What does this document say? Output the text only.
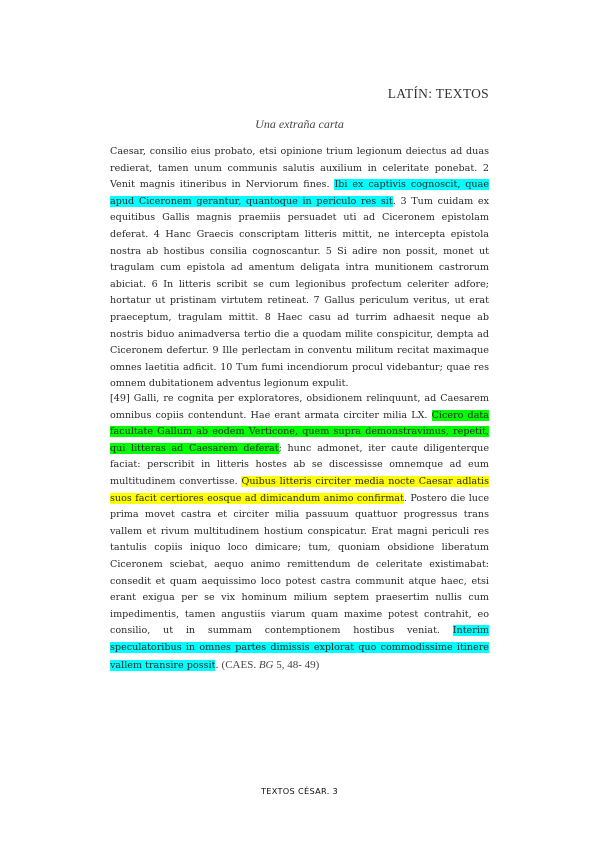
LATÍN: TEXTOS
Una extraña carta
Caesar, consilio eius probato, etsi opinione trium legionum deiectus ad duas redierat, tamen unum communis salutis auxilium in celeritate ponebat. 2 Venit magnis itineribus in Nerviorum fines. Ibi ex captivis cognoscit, quae apud Ciceronem gerantur, quantoque in periculo res sit. 3 Tum cuidam ex equitibus Gallis magnis praemiis persuadet uti ad Ciceronem epistolam deferat. 4 Hanc Graecis conscriptam litteris mittit, ne intercepta epistola nostra ab hostibus consilia cognoscantur. 5 Si adire non possit, monet ut tragulam cum epistola ad amentum deligata intra munitionem castrorum abiciat. 6 In litteris scribit se cum legionibus profectum celeriter adfore; hortatur ut pristinam virtutem retineat. 7 Gallus periculum veritus, ut erat praeceptum, tragulam mittit. 8 Haec casu ad turrim adhaesit neque ab nostris biduo animadversa tertio die a quodam milite conspicitur, dempta ad Ciceronem defertur. 9 Ille perlectam in conventu militum recitat maximaque omnes laetitia adficit. 10 Tum fumi incendiorum procul videbantur; quae res omnem dubitationem adventus legionum expulit.
[49] Galli, re cognita per exploratores, obsidionem relinquunt, ad Caesarem omnibus copiis contendunt. Hae erant armata circiter milia LX. Cicero data facultate Gallum ab eodem Verticone, quem supra demonstravimus, repetit, qui litteras ad Caesarem deferat; hunc admonet, iter caute diligenterque faciat: perscribit in litteris hostes ab se discessisse omnemque ad eum multitudinem convertisse. Quibus litteris circiter media nocte Caesar adlatis suos facit certiores eosque ad dimicandum animo confirmat. Postero die luce prima movet castra et circiter milia passuum quattuor progressus trans vallem et rivum multitudinem hostium conspicatur. Erat magni periculi res tantulis copiis iniquo loco dimicare; tum, quoniam obsidione liberatum Ciceronem sciebat, aequo animo remittendum de celeritate existimabat: consedit et quam aequissimo loco potest castra communit atque haec, etsi erant exigua per se vix hominum milium septem praesertim nullis cum impedimentis, tamen angustiis viarum quam maxime potest contrahit, eo consilio, ut in summam contemptionem hostibus veniat. Interim speculatoribus in omnes partes dimissis explorat quo commodissime itinere vallem transire possit. (CAES. BG 5, 48- 49)
TEXTOS CÉSAR. 3
